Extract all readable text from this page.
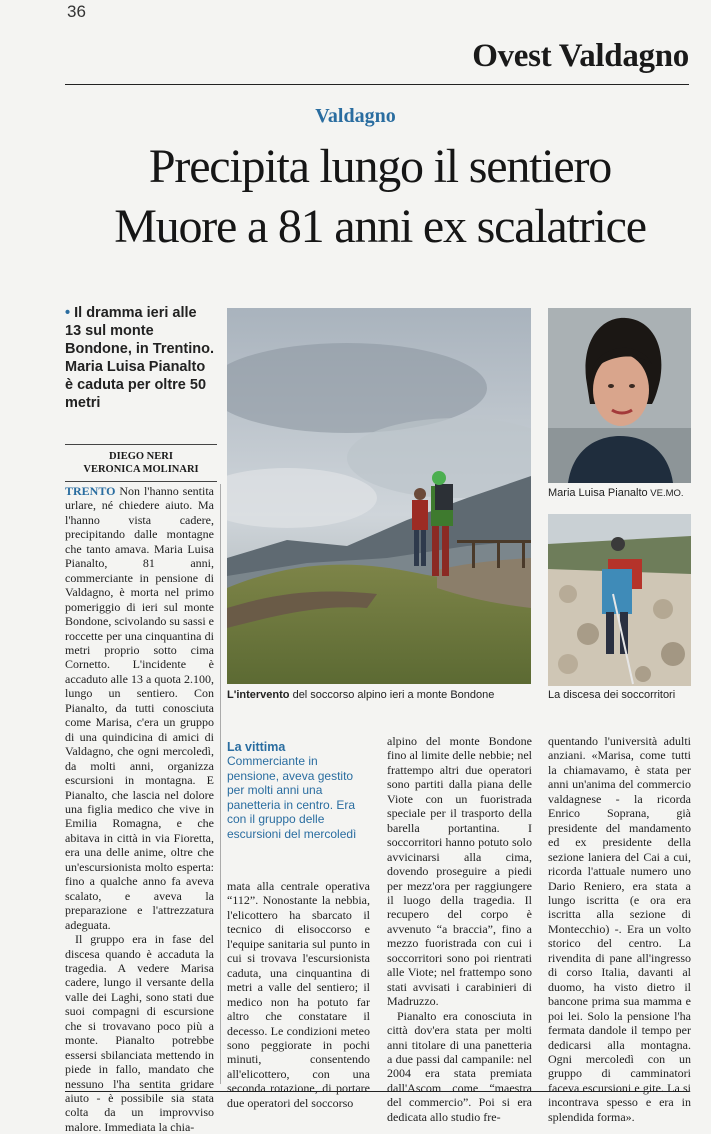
36
Ovest Valdagno
Valdagno
Precipita lungo il sentiero
Muore a 81 anni ex scalatrice
• Il dramma ieri alle 13 sul monte Bondone, in Trentino. Maria Luisa Pianalto è caduta per oltre 50 metri
DIEGO NERI
VERONICA MOLINARI
L'intervento del soccorso alpino ieri a monte Bondone
Maria Luisa Pianalto VE.MO.
La discesa dei soccorritori

TRENTO Non l'hanno sentita urlare, né chiedere aiuto. Ma l'hanno vista cadere, precipitando dalle montagne che tanto amava. Maria Luisa Pianalto, 81 anni, commerciante in pensione di Valdagno, è morta nel primo pomeriggio di ieri sul monte Bondone, scivolando su sassi e roccette per una cinquantina di metri proprio sotto cima Cornetto. L'incidente è accaduto alle 13 a quota 2.100, lungo un sentiero. Con Pianalto, da tutti conosciuta come Marisa, c'era un gruppo di una quindicina di amici di Valdagno, che ogni mercoledì, da molti anni, organizza escursioni in montagna. E Pianalto, che lascia nel dolore una figlia medico che vive in Emilia Romagna, e che abitava in città in via Fioretta, era una delle anime, oltre che un'escursionista molto esperta: fino a qualche anno fa aveva scalato, e aveva la preparazione e l'attrezzatura adeguata.

Il gruppo era in fase del discesa quando è accaduta la tragedia. A vedere Marisa cadere, lungo il versante della valle dei Laghi, sono stati due suoi compagni di escursione che si trovavano poco più a monte. Pianalto potrebbe essersi sbilanciata mettendo in piede in fallo, mandato che nessuno l'ha sentita gridare aiuto - è possibile sia stata colta da un improvviso malore. Immediata la chia-

La vittima
Commerciante in pensione, aveva gestito per molti anni una panetteria in centro. Era con il gruppo delle escursioni del mercoledì

mata alla centrale operativa “112”. Nonostante la nebbia, l'elicottero ha sbarcato il tecnico di elisoccorso e l'equipe sanitaria sul punto in cui si trovava l'escursionista caduta, una cinquantina di metri a valle del sentiero; il medico non ha potuto far altro che constatare il decesso. Le condizioni meteo sono peggiorate in pochi minuti, consentendo all'elicottero, con una seconda rotazione, di portare due operatori del soccorso

alpino del monte Bondone fino al limite delle nebbie; nel frattempo altri due operatori sono partiti dalla piana delle Viote con un fuoristrada speciale per il trasporto della barella portantina. I soccorritori hanno potuto solo avvicinarsi alla cima, dovendo proseguire a piedi per mezz'ora per raggiungere il luogo della tragedia. Il recupero del corpo è avvenuto “a braccia”, fino a mezzo fuoristrada con cui i soccorritori sono poi rientrati alle Viote; nel frattempo sono stati avvisati i carabinieri di Madruzzo.

Pianalto era conosciuta in città dov'era stata per molti anni titolare di una panetteria a due passi dal campanile: nel 2004 era stata premiata dall'Ascom come “maestra del commercio”. Poi si era dedicata allo studio fre-

quentando l'università adulti anziani. «Marisa, come tutti la chiamavamo, è stata per anni un'anima del commercio valdagnese - la ricorda Enrico Soprana, già presidente del mandamento ed ex presidente della sezione laniera del Cai a cui, ricorda l'attuale numero uno Dario Reniero, era stata a lungo iscritta (e ora era iscritta alla sezione di Montecchio) -. Era un volto storico del centro. La rivendita di pane all'ingresso di corso Italia, davanti al duomo, ha visto dietro il bancone prima sua mamma e poi lei. Solo la pensione l'ha fermata dandole il tempo per dedicarsi alla montagna. Ogni mercoledì con un gruppo di camminatori faceva escursioni e gite. La si incontrava spesso e era in splendida forma».
